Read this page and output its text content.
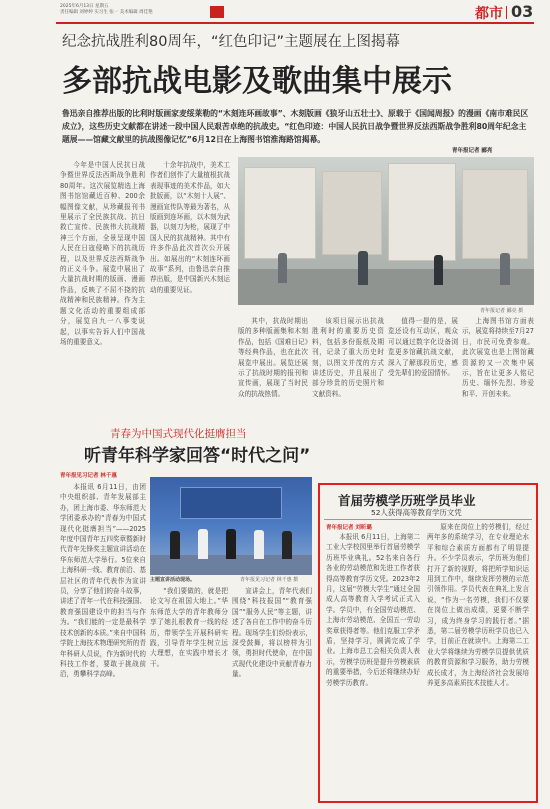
2025年6月13日 星期五
责任编辑 刘婷婷 实习生 张一 美术编辑 周佳艳	都市 03
纪念抗战胜利80周年，“红色印记”主题展在上图揭幕
多部抗战电影及歌曲集中展示
鲁迅亲自推荐出版的比利时版画家麦绥莱勒的“木刻连环画故事”、木刻版画《狼牙山五壮士》、原载于《国闻周报》的漫画《南市难民区成立》，这些历史文献都在讲述一段中国人民艰苦卓绝的抗战史。“红色印迹：中国人民抗日战争暨世界反法西斯战争胜利80周年纪念主题展——馆藏文献里的抗战图像记忆”6月12日在上海图书馆淮海路馆揭幕。
青年报记者 郦亮

今年是中国人民抗日战争暨世界反法西斯战争胜利80周年。这次展览精选上海图书馆馆藏近百种、200余幅图像文献，从珍藏报刊书里展示了全民族抗战、抗日救亡宣传、民族伟大抗战精神三个方面，全景呈现中国人民在日寇侵略下的抗战历程，以及世界反法西斯战争的正义斗争。展览中展出了大量抗战时期的版画、漫画作品，反映了不屈不挠的抗战精神和民族精神。作为主题文化活动的重要组成部分，展览自九一八事变说起，以事实告诉人们中国战场的重要意义。

十余年抗战中，美术工作者们创作了大量植根抗战表现事迹的美术作品，如大批版画，以“木刻十人展”、漫画宣传队等最为著名，从版画到连环画，以木刻为武器，以刻刀为枪，展现了中国人民的抗战精神。其中有许多作品此次首次公开展出。如展出的“木刻连环画故事”系列，由鲁迅亲自推荐出版，是中国新兴木刻运动的重要见证。

青年报记者 郦亮 摄

其中，抗战时期出版的多种版画集和木刻作品，包括《国难日记》等经典作品，也在此次展览中展出。展览还展示了抗战时期的报刊和宣传画，展现了当时民众的抗战热情。

该项目展示出抗战胜利时的重要历史资料，包括多份报纸及期刊，记录了重大历史时刻，以图文并茂的方式讲述历史，并且展出了部分珍贵的历史照片和文献资料。

值得一提的是，展览还设有互动区，观众可以通过数字化设备浏览更多馆藏抗战文献，深入了解那段历史，感受先辈们的爱国情怀。

上海图书馆方面表示，展览将持续至7月27日，市民可免费参观。此次展览也是上图馆藏资源的又一次集中展示，旨在让更多人铭记历史、缅怀先烈、珍爱和平、开创未来。

青春为中国式现代化挺膺担当
听青年科学家回答“时代之问”
青年报见习记者 林千惠

本报讯 6月11日，由团中央组织部、青年发展部主办，团上海市委、华东师范大学团委承办的“青春为中国式现代化挺膺担当”——2025年度中国青年五四奖章暨新时代青年先锋奖主题宣讲活动在华东师范大学举行。5位来自上海科研一线、教育前沿、基层社区的青年代表作为宣讲员，分享了他们的奋斗故事，讲述了青年一代在科技强国、教育强国建设中的担当与作为。“我们能的一定是最科学技术创新的本质。”来自中国科学院上海技术物理研究所的青年科研人员说，作为新时代的科技工作者，要敢于挑战前沿，勇攀科学高峰。

主题宣讲活动现场。	青年报见习记者 林千惠 摄

“我们要做的，就是把论文写在祖国大地上。”华东师范大学的青年教师分享了她扎根教育一线的经历，带领学生开展科研实践，引导青年学生树立远大理想，在实践中增长才干。

宣讲会上，青年代表们围绕“科技报国”“教育强国”“服务人民”等主题，讲述了各自在工作中的奋斗历程。现场学生们纷纷表示，深受鼓舞，将以榜样为引领，勇担时代使命，在中国式现代化建设中贡献青春力量。

首届劳模学历班学员毕业
52人获得高等教育学历文凭
青年报记者 刘昕璐

本报讯 6月11日，上海第二工业大学校园里举行首届劳模学历班毕业典礼。52名来自各行各业的劳动模范和先进工作者获得高等教育学历文凭。2023年2月，这届“劳模大学生”通过全国成人高等教育入学考试正式入学。学员中，有全国劳动模范、上海市劳动模范、全国五一劳动奖章获得者等。他们克服工学矛盾，坚持学习，圆满完成了学业。上海市总工会相关负责人表示，劳模学历班是提升劳模素质的重要举措，今后还将继续办好劳模学历教育。

原来在岗位上的劳模们，经过两年多的系统学习，在专业理论水平和综合素质方面都有了明显提升。不少学员表示，学历班为他们打开了新的视野，将把所学知识运用到工作中，继续发挥劳模的示范引领作用。学员代表在典礼上发言说，“作为一名劳模，我们不仅要在岗位上做出成绩，更要不断学习，成为终身学习的践行者。”据悉，第二届劳模学历班学员也已入学，目前正在就读中。上海第二工业大学将继续为劳模学员提供优质的教育资源和学习服务，助力劳模成长成才，为上海经济社会发展培养更多高素质技术技能人才。
